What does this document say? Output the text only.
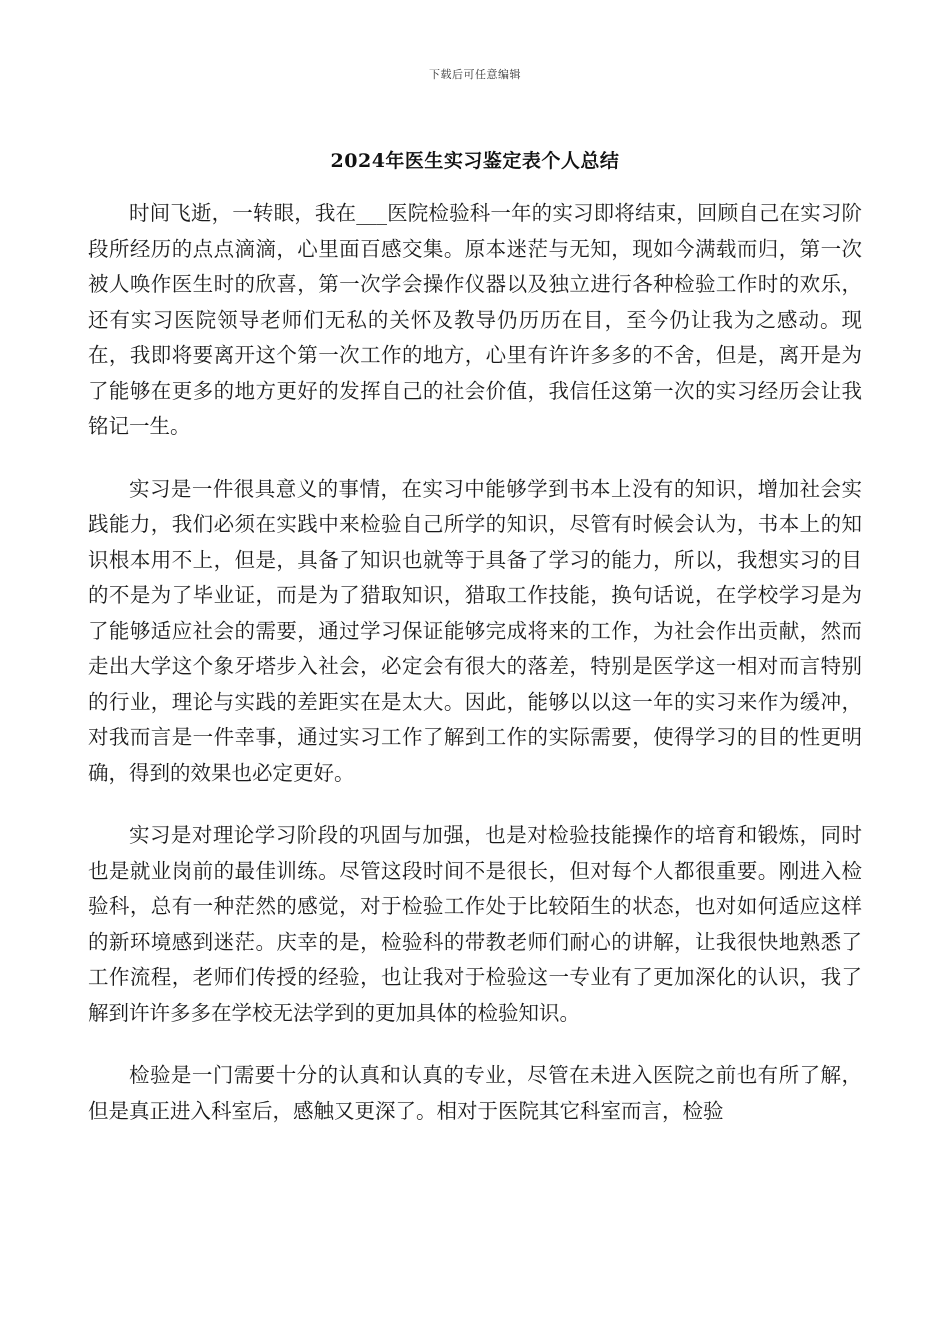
下载后可任意编辑
2024年医生实习鉴定表个人总结

时间飞逝，一转眼，我在___医院检验科一年的实习即将结束，回顾自己在实习阶段所经历的点点滴滴，心里面百感交集。原本迷茫与无知，现如今满载而归，第一次被人唤作医生时的欣喜，第一次学会操作仪器以及独立进行各种检验工作时的欢乐，还有实习医院领导老师们无私的关怀及教导仍历历在目，至今仍让我为之感动。现在，我即将要离开这个第一次工作的地方，心里有许许多多的不舍，但是，离开是为了能够在更多的地方更好的发挥自己的社会价值，我信任这第一次的实习经历会让我铭记一生。

实习是一件很具意义的事情，在实习中能够学到书本上没有的知识，增加社会实践能力，我们必须在实践中来检验自己所学的知识，尽管有时候会认为，书本上的知识根本用不上，但是，具备了知识也就等于具备了学习的能力，所以，我想实习的目的不是为了毕业证，而是为了猎取知识，猎取工作技能，换句话说，在学校学习是为了能够适应社会的需要，通过学习保证能够完成将来的工作，为社会作出贡献，然而走出大学这个象牙塔步入社会，必定会有很大的落差，特别是医学这一相对而言特别的行业，理论与实践的差距实在是太大。因此，能够以以这一年的实习来作为缓冲，对我而言是一件幸事，通过实习工作了解到工作的实际需要，使得学习的目的性更明确，得到的效果也必定更好。

实习是对理论学习阶段的巩固与加强，也是对检验技能操作的培育和锻炼，同时也是就业岗前的最佳训练。尽管这段时间不是很长，但对每个人都很重要。刚进入检验科，总有一种茫然的感觉，对于检验工作处于比较陌生的状态，也对如何适应这样的新环境感到迷茫。庆幸的是，检验科的带教老师们耐心的讲解，让我很快地熟悉了工作流程，老师们传授的经验，也让我对于检验这一专业有了更加深化的认识，我了解到许许多多在学校无法学到的更加具体的检验知识。

检验是一门需要十分的认真和认真的专业，尽管在未进入医院之前也有所了解，但是真正进入科室后，感触又更深了。相对于医院其它科室而言，检验
